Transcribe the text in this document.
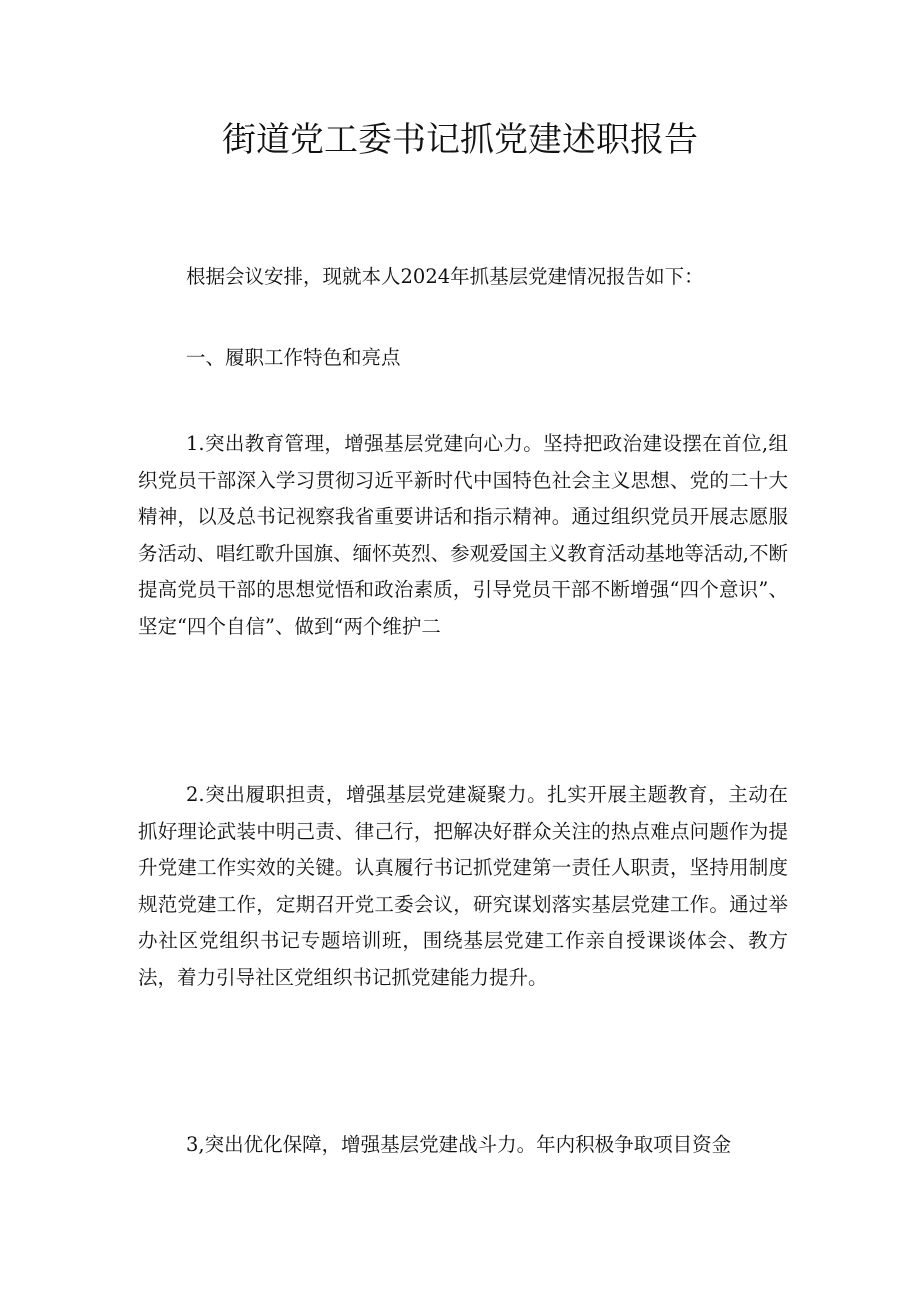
街道党工委书记抓党建述职报告

根据会议安排，现就本人2024年抓基层党建情况报告如下：

一、履职工作特色和亮点

1.突出教育管理，增强基层党建向心力。坚持把政治建设摆在首位,组织党员干部深入学习贯彻习近平新时代中国特色社会主义思想、党的二十大精神，以及总书记视察我省重要讲话和指示精神。通过组织党员开展志愿服务活动、唱红歌升国旗、缅怀英烈、参观爱国主义教育活动基地等活动,不断提高党员干部的思想觉悟和政治素质，引导党员干部不断增强“四个意识”、坚定“四个自信”、做到“两个维护二

2.突出履职担责，增强基层党建凝聚力。扎实开展主题教育，主动在抓好理论武装中明己责、律己行，把解决好群众关注的热点难点问题作为提升党建工作实效的关键。认真履行书记抓党建第一责任人职责，坚持用制度规范党建工作，定期召开党工委会议，研究谋划落实基层党建工作。通过举办社区党组织书记专题培训班，围绕基层党建工作亲自授课谈体会、教方法，着力引导社区党组织书记抓党建能力提升。

3,突出优化保障，增强基层党建战斗力。年内积极争取项目资金
